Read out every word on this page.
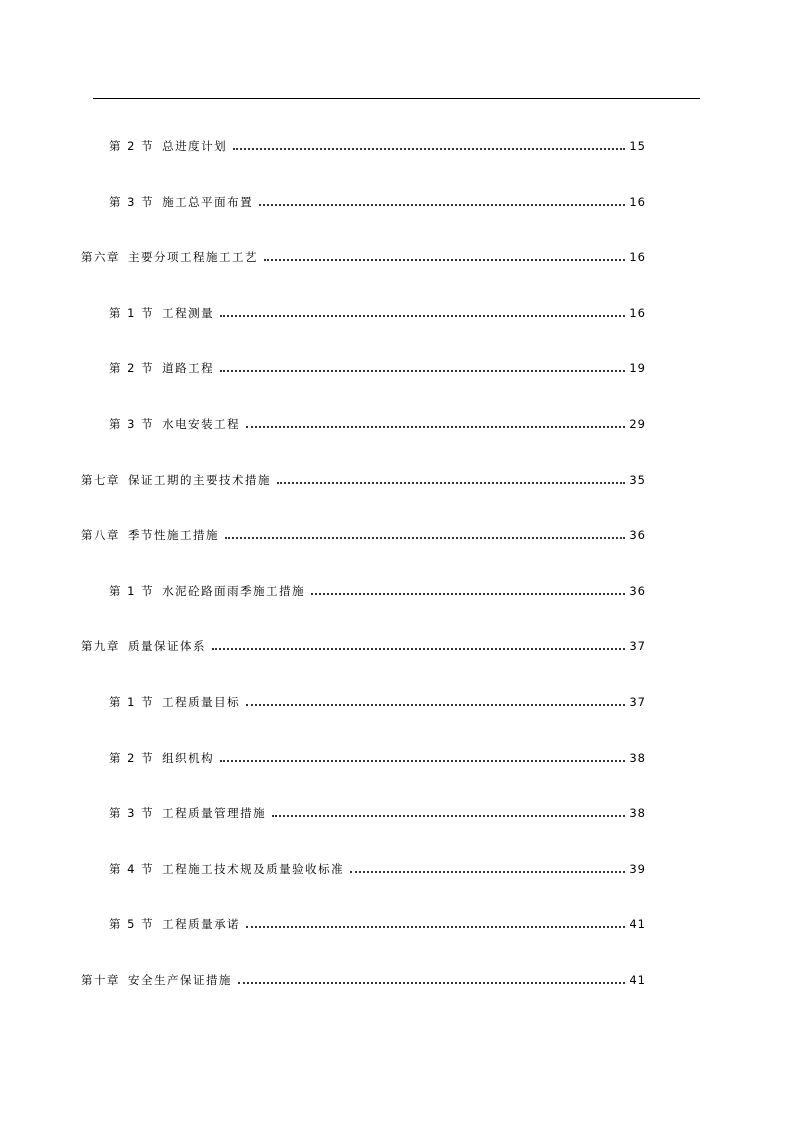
第 2 节 总进度计划	15
第 3 节 施工总平面布置	16
第六章 主要分项工程施工工艺	16
第 1 节 工程测量	16
第 2 节 道路工程	19
第 3 节 水电安装工程	29
第七章 保证工期的主要技术措施	35
第八章 季节性施工措施	36
第 1 节 水泥砼路面雨季施工措施	36
第九章 质量保证体系	37
第 1 节 工程质量目标	37
第 2 节 组织机构	38
第 3 节 工程质量管理措施	38
第 4 节 工程施工技术规及质量验收标准	39
第 5 节 工程质量承诺	41
第十章 安全生产保证措施	41
